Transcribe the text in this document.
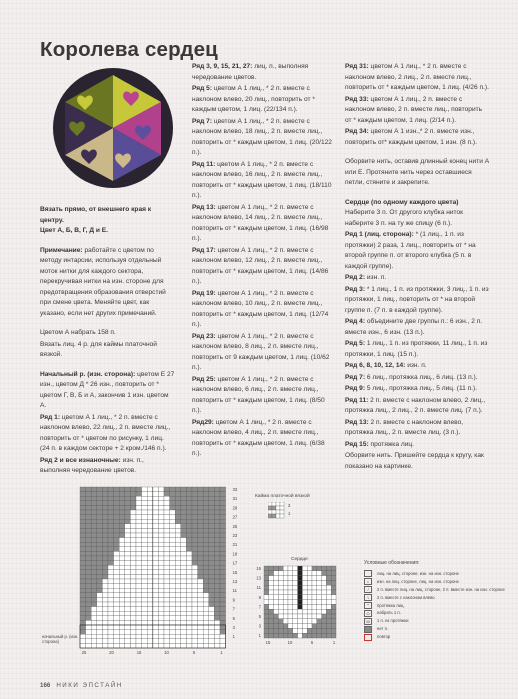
Королева сердец

Вязать прямо, от внешнего края к центру.
Цвет А, Б, В, Г, Д и Е.

Примечание: работайте с цветом по методу интарсии, используя отдельный моток нитки для каждого сектора, перекручивая нитки на изн. стороне для предотвращения образования отверстий при смене цвета. Меняйте цвет, как указано, если нет других примечаний.

Цветом А набрать 158 п.

Вязать лиц. 4 р. для каймы платочной вязкой.

Начальный р. (изн. сторона): цветом Е 27 изн., цветом Д * 26 изн., повторить от * цветом Г, В, Б и А, закончив 1 изн. цветом А.

Ряд 1: цветом А 1 лиц., * 2 п. вместе с наклоном влево, 22 лиц., 2 п. вместе лиц., повторить от * цветом по рисунку, 1 лиц. (24 п. в каждом секторе + 2 кром./146 п.).

Ряд 2 и все изнаночные: изн. п., выполняя чередование цветов.

Ряд 3, 9, 15, 21, 27: лиц. п., выполняя чередование цветов.

Ряд 5: цветом А 1 лиц., * 2 п. вместе с наклоном влево, 20 лиц., повторить от * каждым цветом, 1 лиц. (22/134 п.).

Ряд 7: цветом А 1 лиц., * 2 п. вместе с наклоном влево, 18 лиц., 2 п. вместе лиц., повторить от * каждым цветом, 1 лиц. (20/122 п.).

Ряд 11: цветом А 1 лиц., * 2 п. вместе с наклоном влево, 16 лиц., 2 п. вместе лиц., повторить от * каждым цветом, 1 лиц. (18/110 п.).

Ряд 13: цветом А 1 лиц., * 2 п. вместе с наклоном влево, 14 лиц., 2 п. вместе лиц., повторить от * каждым цветом, 1 лиц. (16/98 п.).

Ряд 17: цветом А 1 лиц., * 2 п. вместе с наклоном влево, 12 лиц., 2 п. вместе лиц., повторить от * каждым цветом, 1 лиц. (14/86 п.).

Ряд 19: цветом А 1 лиц., * 2 п. вместе с наклоном влево, 10 лиц., 2 п. вместе лиц., повторить от * каждым цветом, 1 лиц. (12/74 п.).

Ряд 23: цветом А 1 лиц., * 2 п. вместе с наклоном влево, 8 лиц., 2 п. вместе лиц., повторить от 9 каждым цветом, 1 лиц. (10/62 п.).

Ряд 25: цветом А 1 лиц., * 2 п. вместе с наклоном влево, 6 лиц., 2 п. вместе лиц., повторить от * каждым цветом, 1 лиц. (8/50 п.).

Ряд29: цветом А 1 лиц., * 2 п. вместе с наклоном влево, 4 лиц., 2 п. вместе лиц., повторить от * каждым цветом, 1 лиц. (6/38 п.).

Ряд 31: цветом А 1 лиц., * 2 п. вместе с наклоном влево, 2 лиц., 2 п. вместе лиц., повторить от * каждым цветом, 1 лиц. (4/26 п.).

Ряд 33: цветом А 1 лиц., 2 п. вместе с наклоном влево, 2 п. вместе лиц., повторить от * каждым цветом, 1 лиц. (2/14 п.).

Ряд 34: цветом А 1 изн.,* 2 п. вместе изн., повторить от* каждым цветом, 1 изн. (8 п.).

Оборвите нить, оставив длинный конец нити А или Е. Протяните нить через оставшиеся петли, стяните и закрепите.

Сердце (по одному каждого цвета)

Наберите 3 п. От другого клубка ниток наберите 3 п. на ту же спицу (6 п.).

Ряд 1 (лиц. сторона): * (1 лиц., 1 п. из протяжки) 2 раза, 1 лиц., повторить от * на второй группе п. от второго клубка (5 п. в каждой группе).

Ряд 2: изн. п.

Ряд 3: * 1 лиц., 1 п. из протяжки, 3 лиц., 1 п. из протяжки, 1 лиц., повторить от * на второй группе п. (7 п. в каждой группе).

Ряд 4: объедините две группы п.: 6 изн., 2 п. вместе изн., 6 изн. (13 п.).

Ряд 5: 1 лиц., 1 п. из протяжки, 11 лиц., 1 п. из протяжки, 1 лиц. (15 п.).

Ряд 6, 8, 10, 12, 14: изн. п.

Ряд 7: 6 лиц., протяжка лиц., 6 лиц. (13 п.).

Ряд 9: 5 лиц., протяжка лиц., 5 лиц. (11 п.).

Ряд 11: 2 п. вместе с наклоном влево, 2 лиц., протяжка лиц., 2 лиц., 2 п. вместе лиц. (7 п.).

Ряд 13: 2 п. вместе с наклоном влево, протяжка лиц., 2 п. вместе лиц. (3 п.).

Ряд 15: протяжка лиц.

Оборвите нить. Пришейте сердца к кругу, как показано на картинке.

33
31
29
27
25
23
21
19
17
15
13
11
9
7
5
3
1
25	20	15	10	5	1
начальный р. (изн. сторона)
Кайма платочной вязкой
3
1
Сердце
15
13
11
9
7
5
3
1
15	10	5	1
Условные обозначения:
лиц. на лиц. стороне, изн. на изн. стороне
•	изн. на лиц. стороне, лиц. на изн. стороне
/	2 п. вместе лиц. на лиц. стороне, 2 п. вместе изн. на изн. стороне
\	2 п. вместе с наклоном влево
⌃	протяжка лиц.
O	набрать 1 п.
M	1 п. из протяжки
нет п.
повтор
166 НИКИ ЭПСТАЙН
